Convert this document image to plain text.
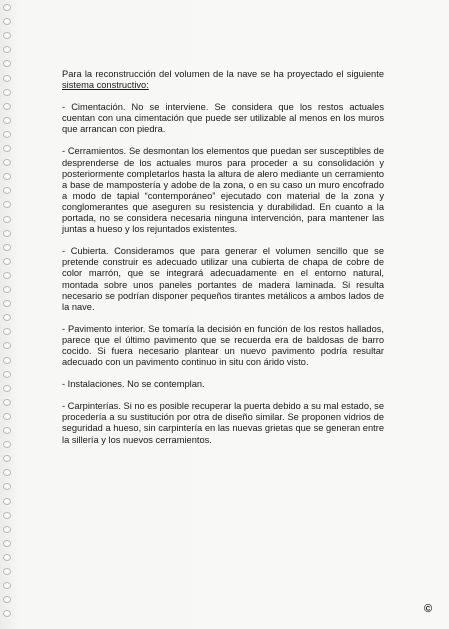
Para la reconstrucción del volumen de la nave se ha proyectado el siguiente sistema constructivo:

- Cimentación. No se interviene. Se considera que los restos actuales cuentan con una cimentación que puede ser utilizable al menos en los muros que arrancan con piedra.

- Cerramientos. Se desmontan los elementos que puedan ser susceptibles de desprenderse de los actuales muros para proceder a su consolidación y posteriormente completarlos hasta la altura de alero mediante un cerramiento a base de mampostería y adobe de la zona, o en su caso un muro encofrado a modo de tapial “contemporáneo” ejecutado con material de la zona y conglomerantes que aseguren su resistencia y durabilidad. En cuanto a la portada, no se considera necesaria ninguna intervención, para mantener las juntas a hueso y los rejuntados existentes.

- Cubierta. Consideramos que para generar el volumen sencillo que se pretende construir es adecuado utilizar una cubierta de chapa de cobre de color marrón, que se integrará adecuadamente en el entorno natural, montada sobre unos paneles portantes de madera laminada. Si resulta necesario se podrían disponer pequeños tirantes metálicos a ambos lados de la nave.

- Pavimento interior. Se tomaría la decisión en función de los restos hallados, parece que el último pavimento que se recuerda era de baldosas de barro cocido. Si fuera necesario plantear un nuevo pavimento podría resultar adecuado con un pavimento continuo in situ con árido visto.

- Instalaciones. No se contemplan.

- Carpinterías. Si no es posible recuperar la puerta debido a su mal estado, se procedería a su sustitución por otra de diseño similar. Se proponen vidrios de seguridad a hueso, sin carpintería en las nuevas grietas que se generan entre la sillería y los nuevos cerramientos.

©
